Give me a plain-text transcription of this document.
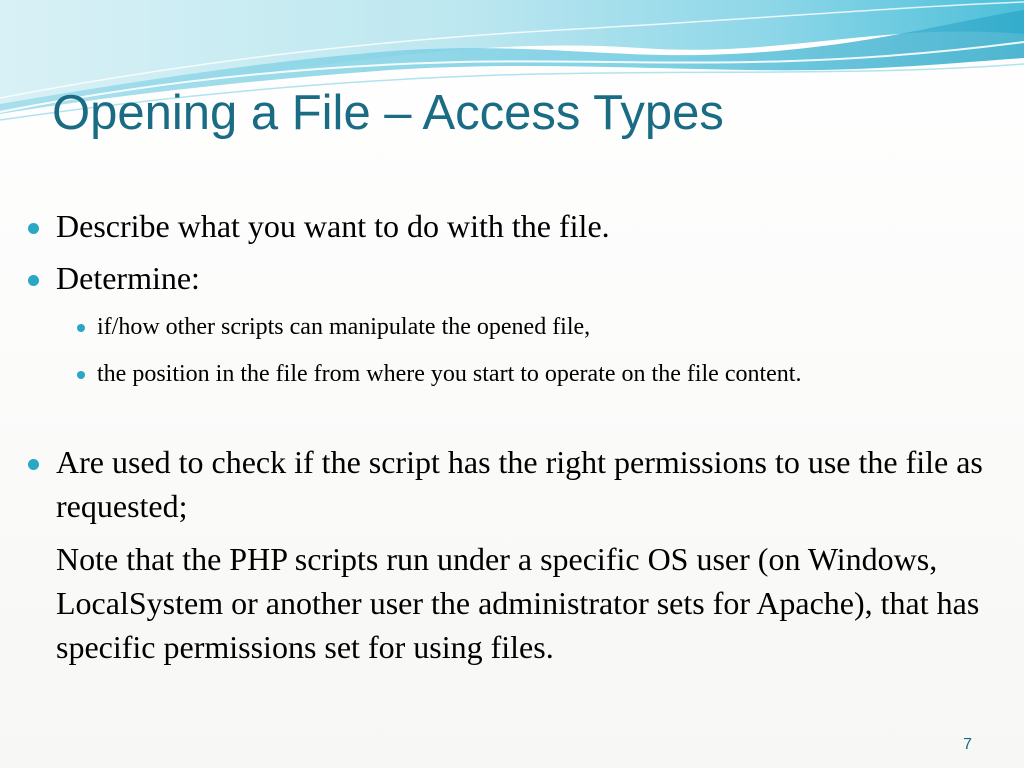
Opening a File – Access Types
Describe what you want to do with the file.
Determine:
if/how other scripts can manipulate the opened file,
the position in the file from where you start to operate on the file content.
Are used to check if the script has the right permissions to use the file as requested;
Note that the PHP scripts run under a specific OS user (on Windows, LocalSystem or another user the administrator sets for Apache), that has specific permissions set for using files.
7
